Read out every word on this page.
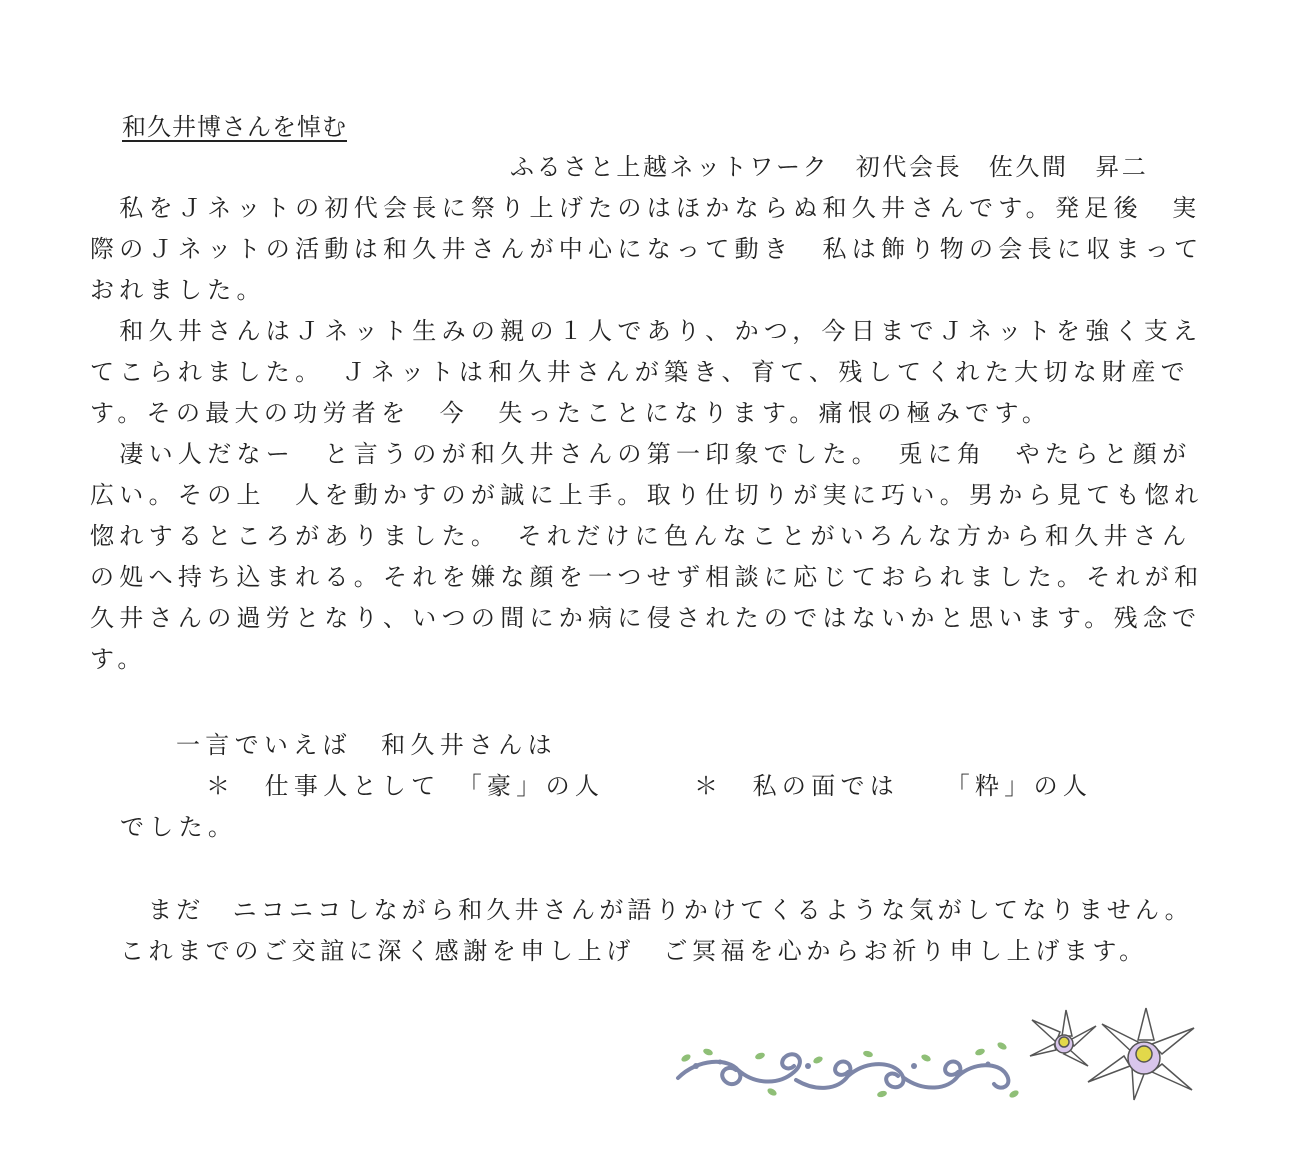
和久井博さんを悼む
ふるさと上越ネットワーク　初代会長　佐久間　昇二
　私をＪネットの初代会長に祭り上げたのはほかならぬ和久井さんです。発足後　実
際のＪネットの活動は和久井さんが中心になって動き　私は飾り物の会長に収まって
おれました。
　和久井さんはＪネット生みの親の１人であり、かつ，今日までＪネットを強く支え
てこられました。　Ｊネットは和久井さんが築き、育て、残してくれた大切な財産で
す。その最大の功労者を　今　失ったことになります。痛恨の極みです。
　凄い人だなー　と言うのが和久井さんの第一印象でした。　兎に角　やたらと顔が
広い。その上　人を動かすのが誠に上手。取り仕切りが実に巧い。男から見ても惚れ
惚れするところがありました。　それだけに色んなことがいろんな方から和久井さん
の処へ持ち込まれる。それを嫌な顔を一つせず相談に応じておられました。それが和
久井さんの過労となり、いつの間にか病に侵されたのではないかと思います。残念で
す。
一言でいえば　和久井さんは
＊　仕事人として　「豪」の人	＊　私の面では　　「粋」の人
でした。
まだ　ニコニコしながら和久井さんが語りかけてくるような気がしてなりません。
これまでのご交誼に深く感謝を申し上げ　ご冥福を心からお祈り申し上げます。
